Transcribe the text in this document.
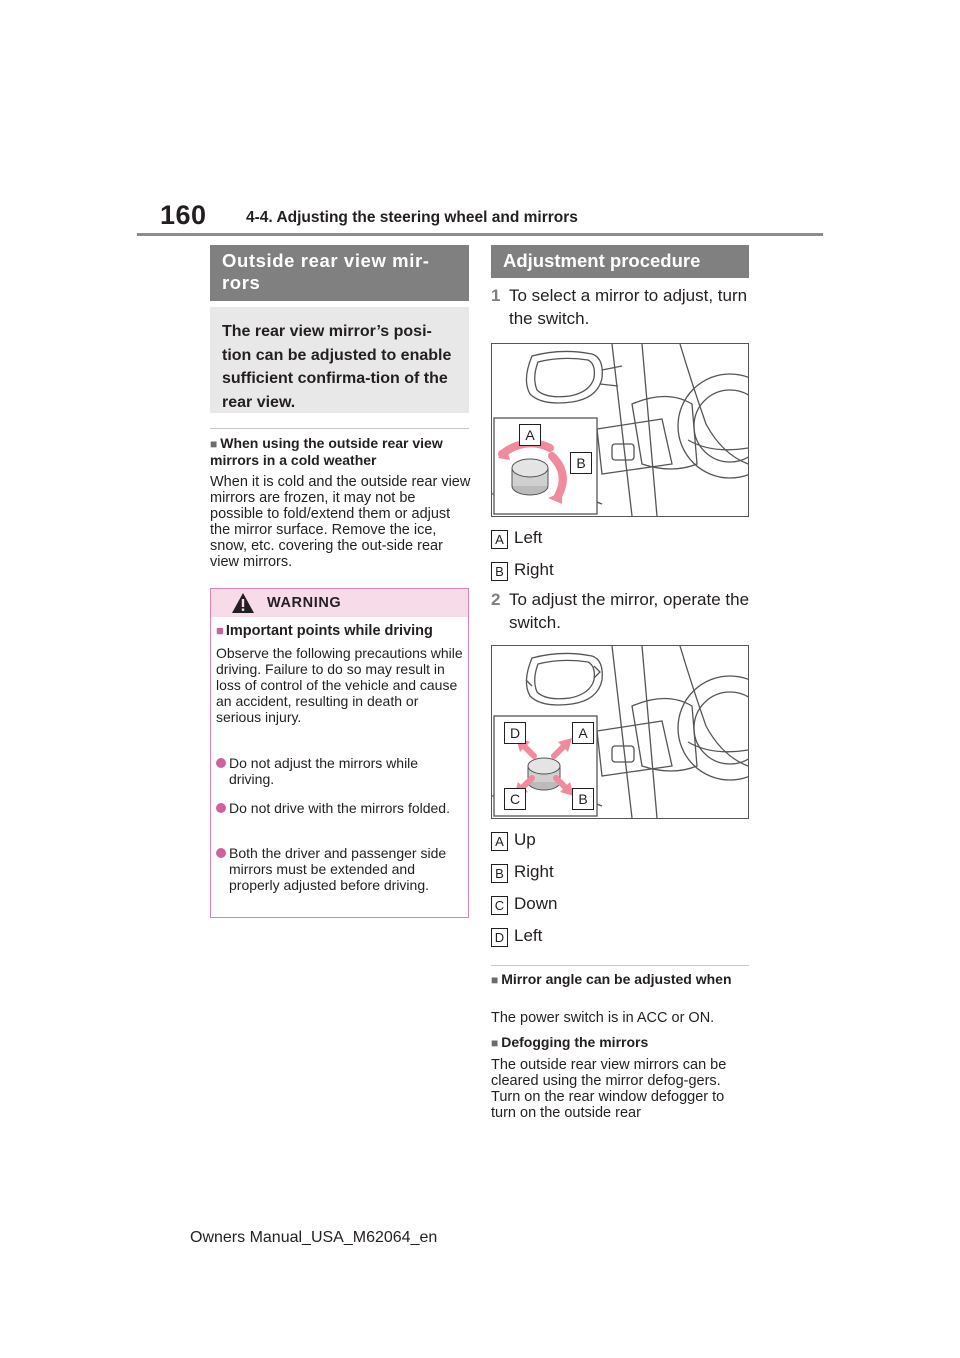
160	4-4. Adjusting the steering wheel and mirrors
Outside rear view mir-rors
The rear view mirror’s posi-tion can be adjusted to enable sufficient confirma-tion of the rear view.
■ When using the outside rear view mirrors in a cold weather
When it is cold and the outside rear view mirrors are frozen, it may not be possible to fold/extend them or adjust the mirror surface. Remove the ice, snow, etc. covering the out-side rear view mirrors.
WARNING
■ Important points while driving
Observe the following precautions while driving. Failure to do so may result in loss of control of the vehicle and cause an accident, resulting in death or serious injury.
Do not adjust the mirrors while driving.
Do not drive with the mirrors folded.
Both the driver and passenger side mirrors must be extended and properly adjusted before driving.
Adjustment procedure
1 To select a mirror to adjust, turn the switch.
A
B
A Left
B Right
2 To adjust the mirror, operate the switch.
D	A
C	B
A Up
B Right
C Down
D Left
■ Mirror angle can be adjusted when
The power switch is in ACC or ON.
■ Defogging the mirrors
The outside rear view mirrors can be cleared using the mirror defog-gers. Turn on the rear window defogger to turn on the outside rear
Owners Manual_USA_M62064_en
